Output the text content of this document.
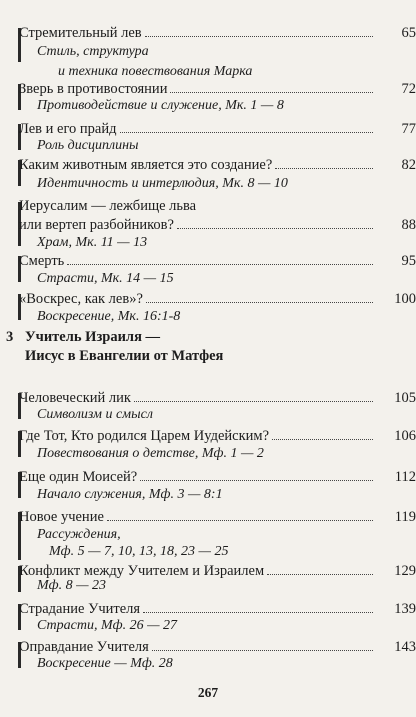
Стремительный лев	65
Стиль, структура
и техника повествования Марка
Зверь в противостоянии	72
Противодействие и служение, Мк. 1 — 8
Лев и его прайд	77
Роль дисциплины
Каким животным является это создание?	82
Идентичность и интерлюдия, Мк. 8 — 10
Иерусалим — лежбище льва
или вертеп разбойников?	88
Храм, Мк. 11 — 13
Смерть	95
Страсти, Мк. 14 — 15
«Воскрес, как лев»?	100
Воскресение, Мк. 16:1-8
3 Учитель Израиля —
Иисус в Евангелии от Матфея
Человеческий лик	105
Символизм и смысл
Где Тот, Кто родился Царем Иудейским?	106
Повествования о детстве, Мф. 1 — 2
Еще один Моисей?	112
Начало служения, Мф. 3 — 8:1
Новое учение	119
Рассуждения,
Мф. 5 — 7, 10, 13, 18, 23 — 25
Конфликт между Учителем и Израилем	129
Мф. 8 — 23
Страдание Учителя	139
Страсти, Мф. 26 — 27
Оправдание Учителя	143
Воскресение — Мф. 28
267
